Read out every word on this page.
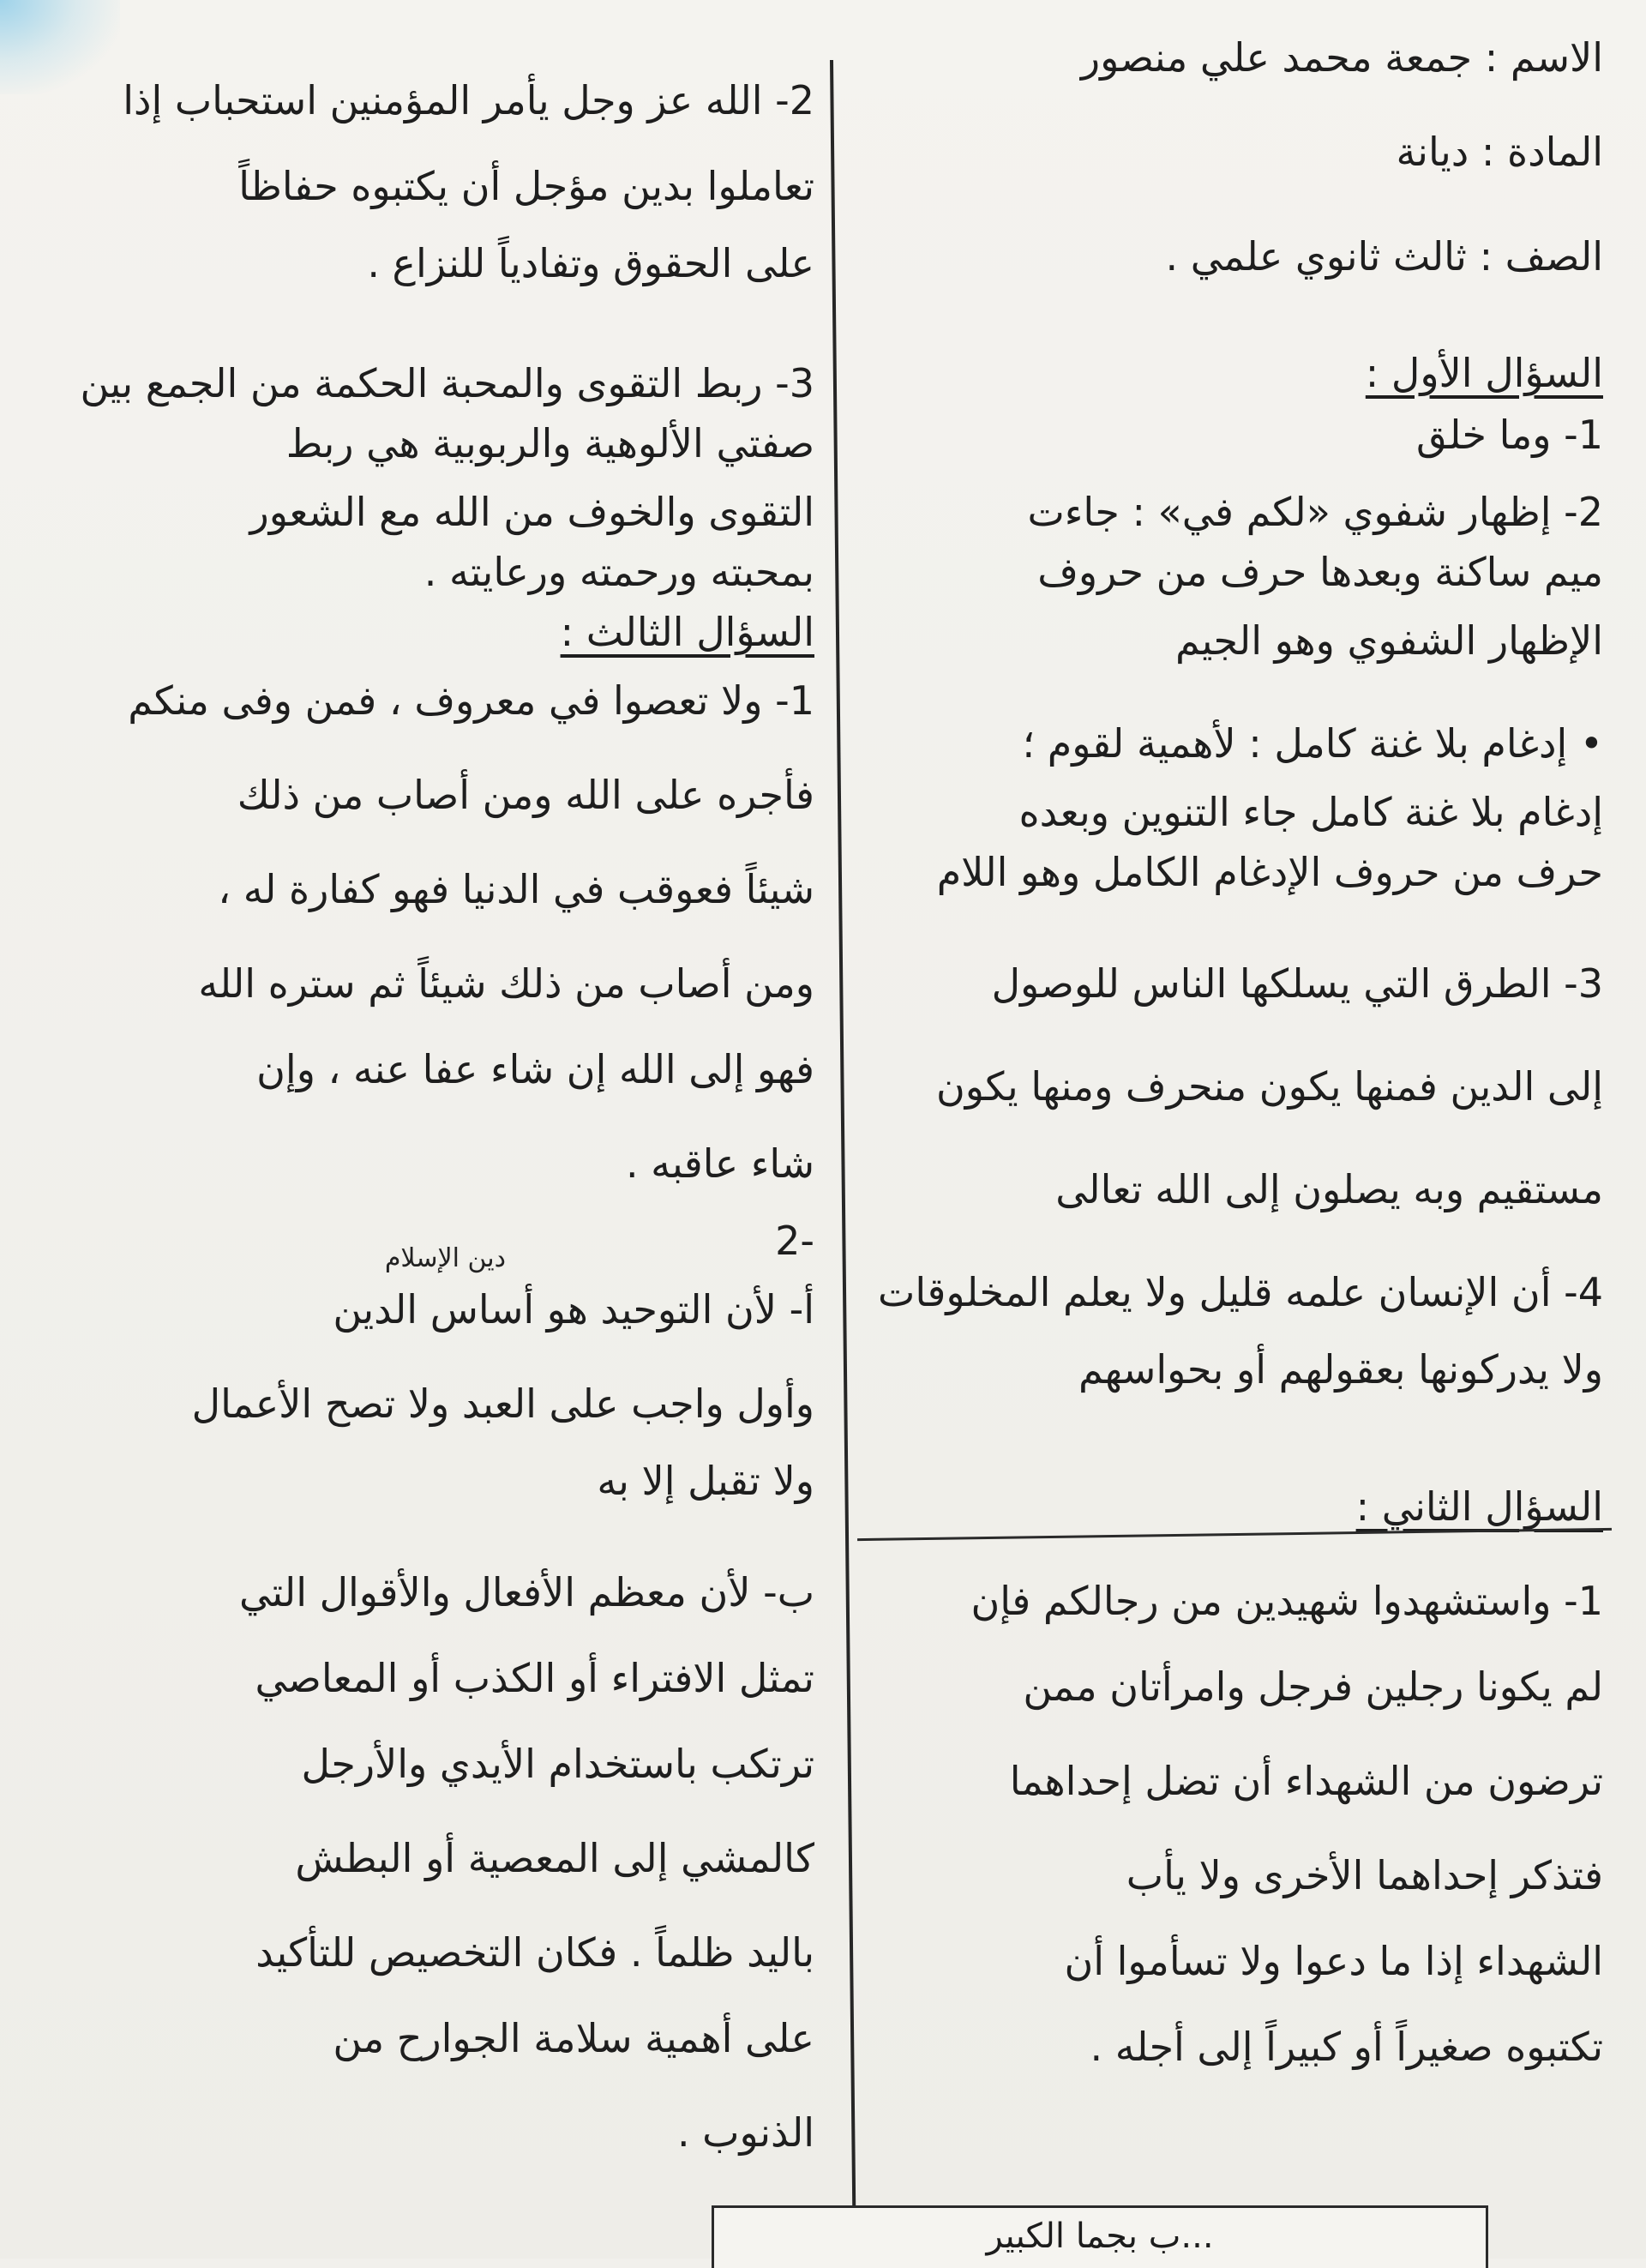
الاسم : جمعة محمد علي منصور
المادة : ديانة
الصف : ثالث ثانوي علمي .
السؤال الأول :
1- وما خلق
2- إظهار شفوي «لكم في» : جاءت
ميم ساكنة وبعدها حرف من حروف
الإظهار الشفوي وهو الجيم
• إدغام بلا غنة كامل : لأهمية لقوم ؛
إدغام بلا غنة كامل جاء التنوين وبعده
حرف من حروف الإدغام الكامل وهو اللام
3- الطرق التي يسلكها الناس للوصول
إلى الدين فمنها يكون منحرف ومنها يكون
مستقيم وبه يصلون إلى الله تعالى
4- أن الإنسان علمه قليل ولا يعلم المخلوقات
ولا يدركونها بعقولهم أو بحواسهم
السؤال الثاني :
1- واستشهدوا شهيدين من رجالكم فإن
لم يكونا رجلين فرجل وامرأتان ممن
ترضون من الشهداء أن تضل إحداهما
فتذكر إحداهما الأخرى ولا يأب
الشهداء إذا ما دعوا ولا تسأموا أن
تكتبوه صغيراً أو كبيراً إلى أجله .
2- الله عز وجل يأمر المؤمنين استحباب إذا
تعاملوا بدين مؤجل أن يكتبوه حفاظاً
على الحقوق وتفادياً للنزاع .
3- ربط التقوى والمحبة الحكمة من الجمع بين
صفتي الألوهية والربوبية هي ربط
التقوى والخوف من الله مع الشعور
بمحبته ورحمته ورعايته .
السؤال الثالث :
1- ولا تعصوا في معروف ، فمن وفى منكم
فأجره على الله ومن أصاب من ذلك
شيئاً فعوقب في الدنيا فهو كفارة له ،
ومن أصاب من ذلك شيئاً ثم ستره الله
فهو إلى الله إن شاء عفا عنه ، وإن
شاء عاقبه .
-2
دين الإسلام
أ- لأن التوحيد هو أساس الدين
وأول واجب على العبد ولا تصح الأعمال
ولا تقبل إلا به
ب- لأن معظم الأفعال والأقوال التي
تمثل الافتراء أو الكذب أو المعاصي
ترتكب باستخدام الأيدي والأرجل
كالمشي إلى المعصية أو البطش
باليد ظلماً . فكان التخصيص للتأكيد
على أهمية سلامة الجوارح من
الذنوب .
...ب بجما الكبير
